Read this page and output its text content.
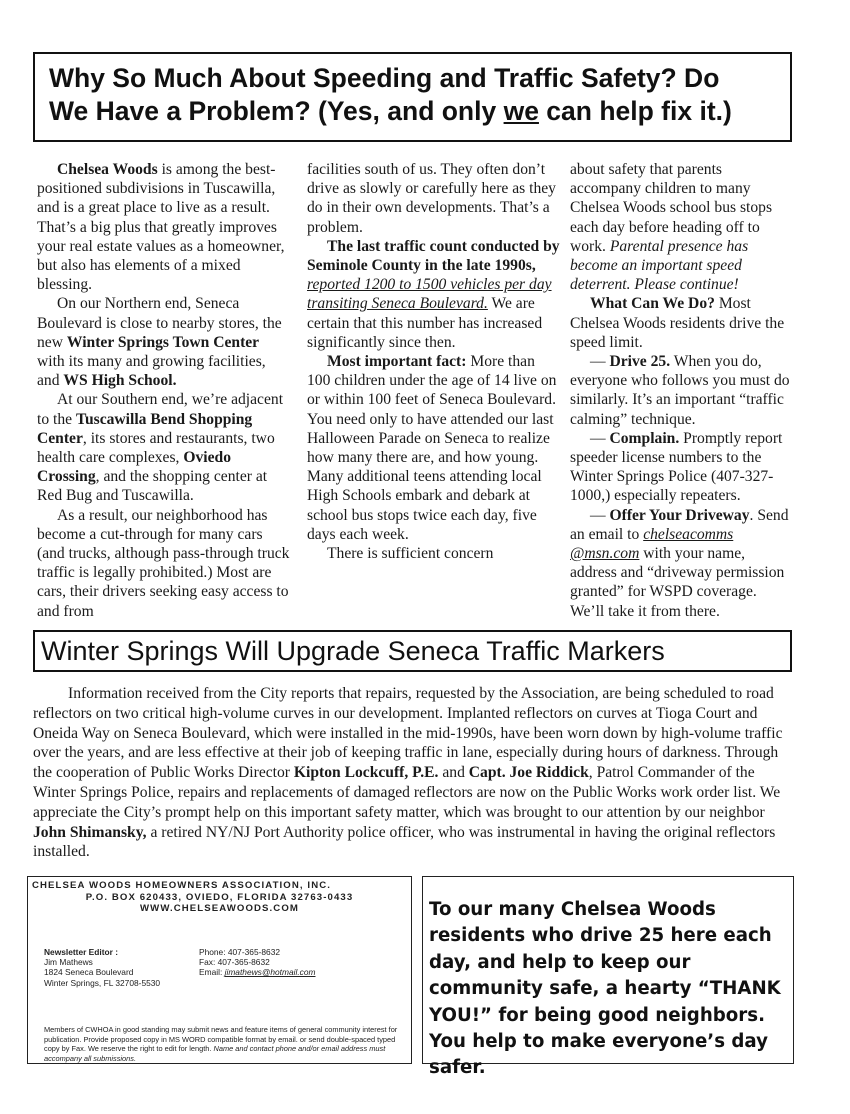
Why So Much About Speeding and Traffic Safety? Do
We Have a Problem? (Yes, and only we can help fix it.)

Chelsea Woods is among the best-positioned subdivisions in Tuscawilla, and is a great place to live as a result. That’s a big plus that greatly improves your real estate values as a homeowner, but also has elements of a mixed blessing.

On our Northern end, Seneca Boulevard is close to nearby stores, the new Winter Springs Town Center with its many and growing facilities, and WS High School.

At our Southern end, we’re adjacent to the Tuscawilla Bend Shopping Center, its stores and restaurants, two health care complexes, Oviedo Crossing, and the shopping center at Red Bug and Tuscawilla.

As a result, our neighborhood has become a cut-through for many cars (and trucks, although pass-through truck traffic is legally prohibited.) Most are cars, their drivers seeking easy access to and from

facilities south of us. They often don’t drive as slowly or carefully here as they do in their own developments. That’s a problem.

The last traffic count conducted by Seminole County in the late 1990s, reported 1200 to 1500 vehicles per day transiting Seneca Boulevard. We are certain that this number has increased significantly since then.

Most important fact: More than 100 children under the age of 14 live on or within 100 feet of Seneca Boulevard. You need only to have attended our last Halloween Parade on Seneca to realize how many there are, and how young. Many additional teens attending local High Schools embark and debark at school bus stops twice each day, five days each week.

There is sufficient concern

about safety that parents accompany children to many Chelsea Woods school bus stops each day before heading off to work. Parental presence has become an important speed deterrent. Please continue!

What Can We Do? Most Chelsea Woods residents drive the speed limit.

— Drive 25. When you do, everyone who follows you must do similarly. It’s an important “traffic calming” technique.

— Complain. Promptly report speeder license numbers to the Winter Springs Police (407-327-1000,) especially repeaters.

— Offer Your Driveway. Send an email to chelseacomms @msn.com with your name, address and “driveway permission granted” for WSPD coverage. We’ll take it from there.

Winter Springs Will Upgrade Seneca Traffic Markers

Information received from the City reports that repairs, requested by the Association, are being scheduled to road reflectors on two critical high-volume curves in our development. Implanted reflectors on curves at Tioga Court and Oneida Way on Seneca Boulevard, which were installed in the mid-1990s, have been worn down by high-volume traffic over the years, and are less effective at their job of keeping traffic in lane, especially during hours of darkness. Through the cooperation of Public Works Director Kipton Lockcuff, P.E. and Capt. Joe Riddick, Patrol Commander of the Winter Springs Police, repairs and replacements of damaged reflectors are now on the Public Works work order list. We appreciate the City’s prompt help on this important safety matter, which was brought to our attention by our neighbor John Shimansky, a retired NY/NJ Port Authority police officer, who was instrumental in having the original reflectors installed.

CHELSEA WOODS HOMEOWNERS ASSOCIATION, INC.
P.O. BOX 620433, OVIEDO, FLORIDA 32763-0433
WWW.CHELSEAWOODS.COM
Newsletter Editor :
Jim Mathews
1824 Seneca Boulevard
Winter Springs, FL 32708-5530
Phone: 407-365-8632
Fax: 407-365-8632
Email: jimathews@hotmail.com
Members of CWHOA in good standing may submit news and feature items of general community interest for publication. Provide proposed copy in MS WORD compatible format by email. or send double-spaced typed copy by Fax. We reserve the right to edit for length. Name and contact phone and/or email address must accompany all submissions.
To our many Chelsea Woods residents who drive 25 here each day, and help to keep our community safe, a hearty “THANK YOU!” for being good neighbors. You help to make everyone’s day safer.
